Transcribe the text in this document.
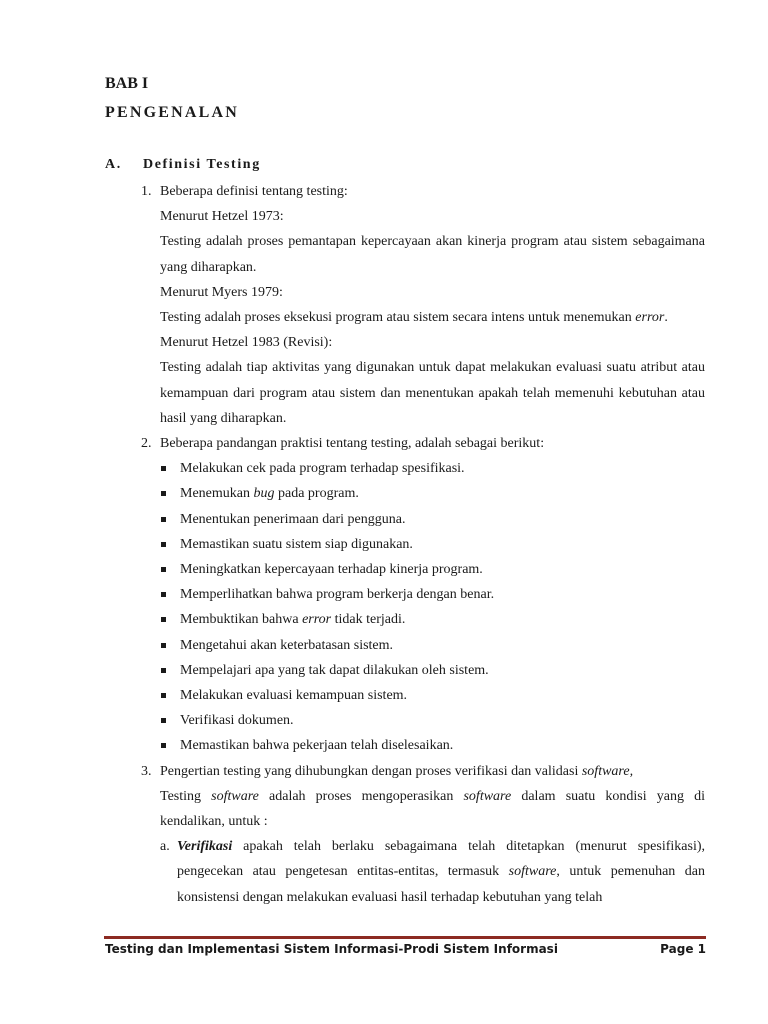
BAB I
PENGENALAN
A. Definisi Testing
1. Beberapa definisi tentang testing:

Menurut Hetzel 1973:

Testing adalah proses pemantapan kepercayaan akan kinerja program atau sistem sebagaimana yang diharapkan.

Menurut Myers 1979:

Testing adalah proses eksekusi program atau sistem secara intens untuk menemukan error.

Menurut Hetzel 1983 (Revisi):

Testing adalah tiap aktivitas yang digunakan untuk dapat melakukan evaluasi suatu atribut atau kemampuan dari program atau sistem dan menentukan apakah telah memenuhi kebutuhan atau hasil yang diharapkan.

2. Beberapa pandangan praktisi tentang testing, adalah sebagai berikut:

Melakukan cek pada program terhadap spesifikasi.
Menemukan bug pada program.
Menentukan penerimaan dari pengguna.
Memastikan suatu sistem siap digunakan.
Meningkatkan kepercayaan terhadap kinerja program.
Memperlihatkan bahwa program berkerja dengan benar.
Membuktikan bahwa error tidak terjadi.
Mengetahui akan keterbatasan sistem.
Mempelajari apa yang tak dapat dilakukan oleh sistem.
Melakukan evaluasi kemampuan sistem.
Verifikasi dokumen.
Memastikan bahwa pekerjaan telah diselesaikan.
3. Pengertian testing yang dihubungkan dengan proses verifikasi dan validasi software,

Testing software adalah proses mengoperasikan software dalam suatu kondisi yang di kendalikan, untuk :

a. Verifikasi apakah telah berlaku sebagaimana telah ditetapkan (menurut spesifikasi), pengecekan atau pengetesan entitas-entitas, termasuk software, untuk pemenuhan dan konsistensi dengan melakukan evaluasi hasil terhadap kebutuhan yang telah

Testing dan Implementasi Sistem Informasi-Prodi Sistem Informasi	Page 1
